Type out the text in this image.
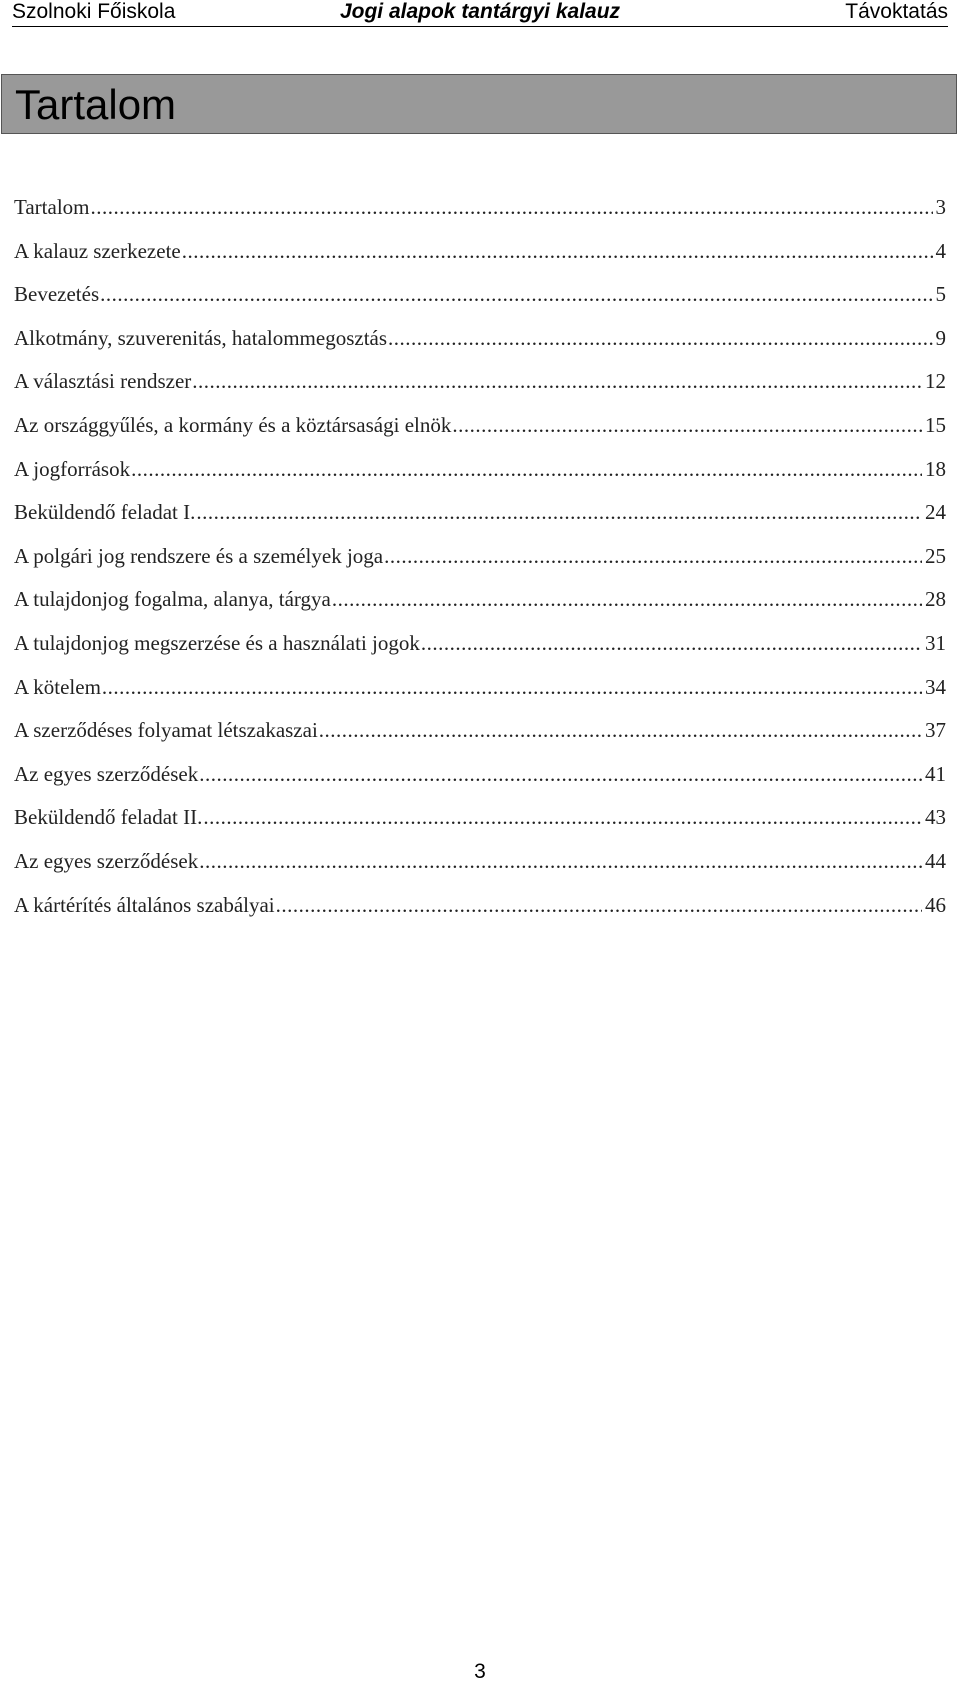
Szolnoki Főiskola	Jogi alapok tantárgyi kalauz	Távoktatás
Tartalom
Tartalom .....	3
A kalauz szerkezete .....	4
Bevezetés .....	5
Alkotmány, szuverenitás, hatalommegosztás .....	9
A választási rendszer .....	12
Az országgyűlés, a kormány és a köztársasági elnök .....	15
A jogforrások .....	18
Beküldendő feladat I. .....	24
A polgári jog rendszere és a személyek joga .....	25
A tulajdonjog fogalma, alanya, tárgya .....	28
A tulajdonjog megszerzése és a használati jogok .....	31
A kötelem .....	34
A szerződéses folyamat létszakaszai .....	37
Az egyes szerződések .....	41
Beküldendő feladat II. .....	43
Az egyes szerződések .....	44
A kártérítés általános szabályai .....	46
3
